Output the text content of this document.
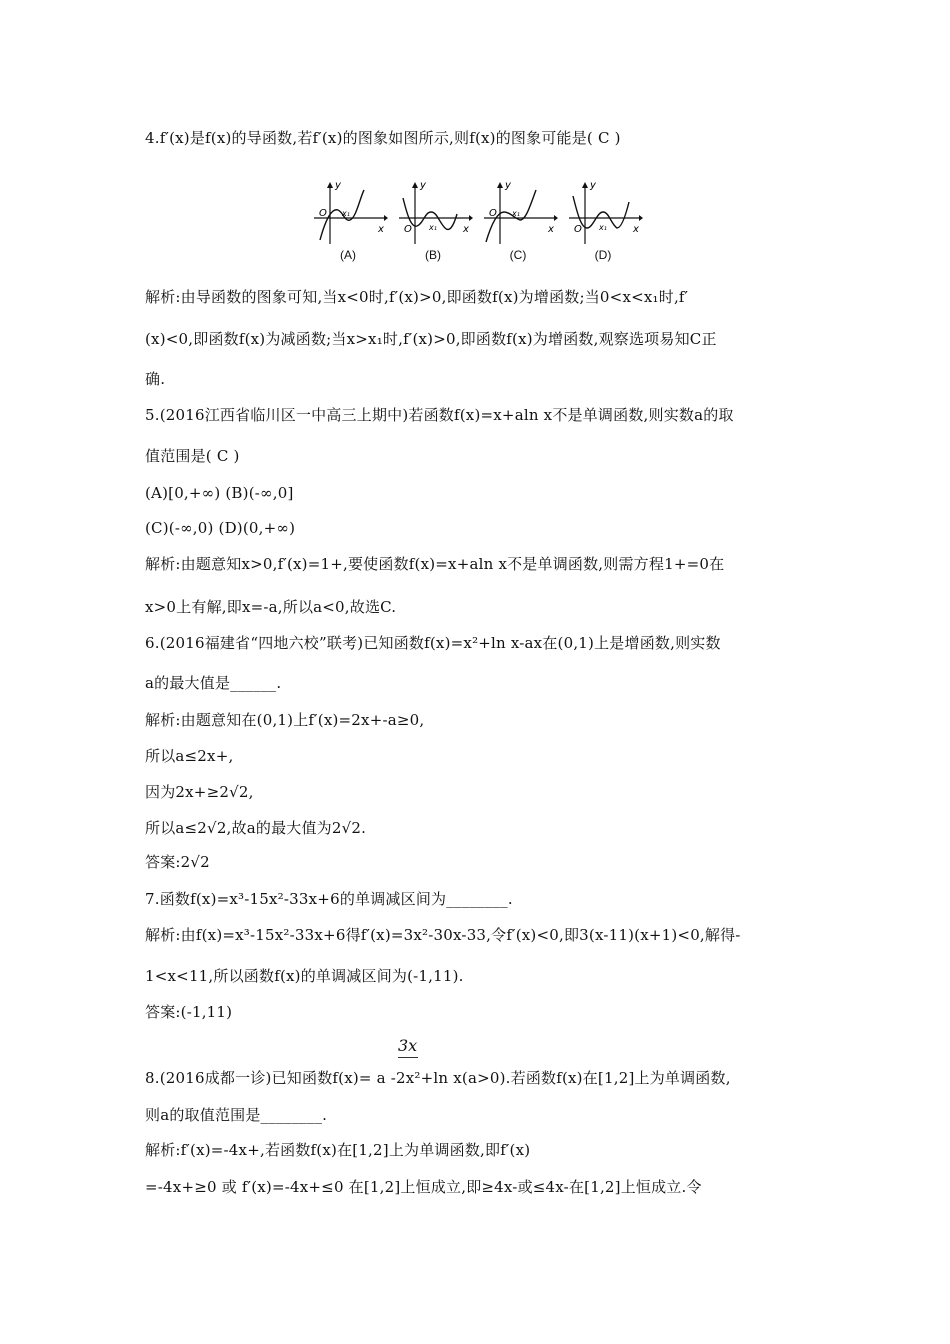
4.f′(x)是f(x)的导函数,若f′(x)的图象如图所示,则f(x)的图象可能是( C )
y
O x₁
x
(A)
y
O x₁	x
(B)
y
O x₁
x
(C)
y
O x₁	x
(D)
解析:由导函数的图象可知,当x<0时,f′(x)>0,即函数f(x)为增函数;当0<x<x₁时,f′
(x)<0,即函数f(x)为减函数;当x>x₁时,f′(x)>0,即函数f(x)为增函数,观察选项易知C正
确.
5.(2016江西省临川区一中高三上期中)若函数f(x)=x+aln x不是单调函数,则实数a的取
值范围是( C )
(A)[0,+∞) (B)(-∞,0]
(C)(-∞,0) (D)(0,+∞)
解析:由题意知x>0,f′(x)=1+,要使函数f(x)=x+aln x不是单调函数,则需方程1+=0在
x>0上有解,即x=-a,所以a<0,故选C.
6.(2016福建省“四地六校”联考)已知函数f(x)=x²+ln x-ax在(0,1)上是增函数,则实数
a的最大值是______.
解析:由题意知在(0,1)上f′(x)=2x+-a≥0,
所以a≤2x+,
因为2x+≥2√2,
所以a≤2√2,故a的最大值为2√2.
答案:2√2
7.函数f(x)=x³-15x²-33x+6的单调减区间为________.
解析:由f(x)=x³-15x²-33x+6得f′(x)=3x²-30x-33,令f′(x)<0,即3(x-11)(x+1)<0,解得-
1<x<11,所以函数f(x)的单调减区间为(-1,11).
答案:(-1,11)
3x
8.(2016成都一诊)已知函数f(x)= a -2x²+ln x(a>0).若函数f(x)在[1,2]上为单调函数,
则a的取值范围是________.
解析:f′(x)=-4x+,若函数f(x)在[1,2]上为单调函数,即f′(x)
=-4x+≥0 或 f′(x)=-4x+≤0 在[1,2]上恒成立,即≥4x-或≤4x-在[1,2]上恒成立.令
